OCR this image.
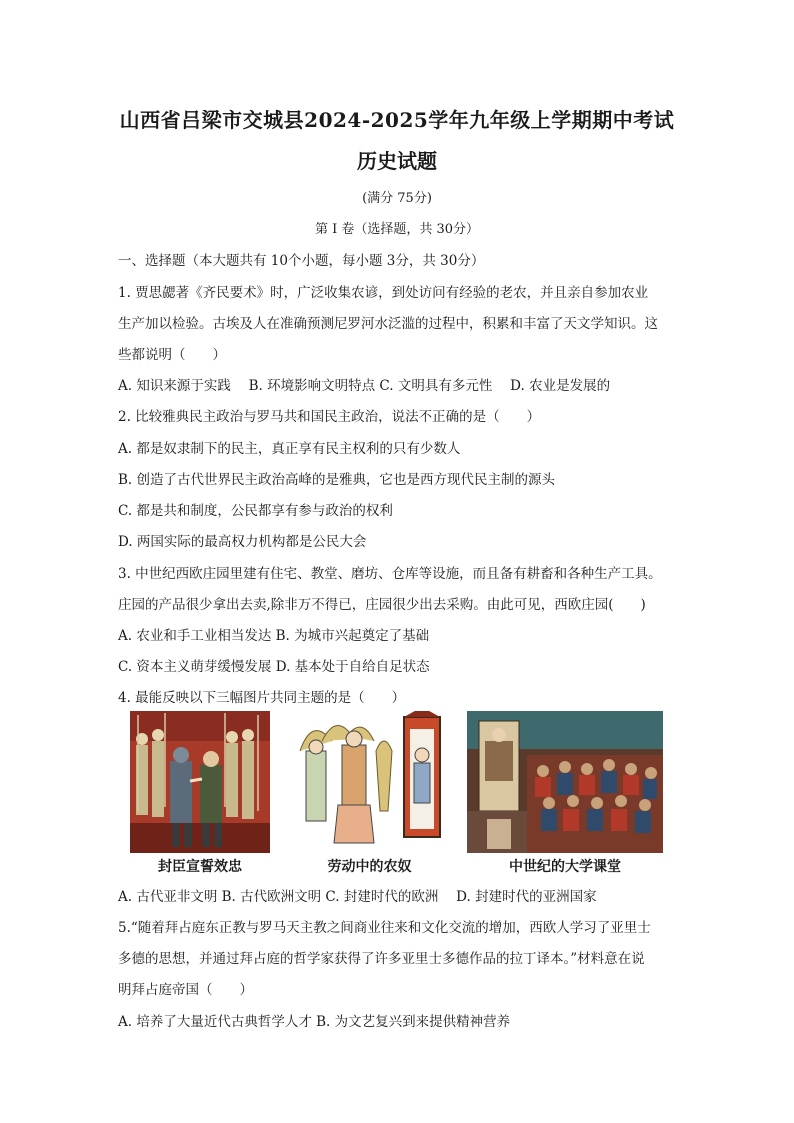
山西省吕梁市交城县2024-2025学年九年级上学期期中考试
历史试题
(满分 75分)
第 I 卷（选择题，共 30分）
一、选择题（本大题共有 10个小题，每小题 3分，共 30分）
1. 贾思勰著《齐民要术》时，广泛收集农谚，到处访问有经验的老农，并且亲自参加农业
生产加以检验。古埃及人在准确预测尼罗河水泛滥的过程中，积累和丰富了天文学知识。这
些都说明（　　）
A. 知识来源于实践　 B. 环境影响文明特点 C. 文明具有多元性　 D. 农业是发展的
2. 比较雅典民主政治与罗马共和国民主政治，说法不正确的是（　　）
A. 都是奴隶制下的民主，真正享有民主权利的只有少数人
B. 创造了古代世界民主政治高峰的是雅典，它也是西方现代民主制的源头
C. 都是共和制度，公民都享有参与政治的权利
D. 两国实际的最高权力机构都是公民大会
3. 中世纪西欧庄园里建有住宅、教堂、磨坊、仓库等设施，而且备有耕畜和各种生产工具。
庄园的产品很少拿出去卖,除非万不得已，庄园很少出去采购。由此可见，西欧庄园(　　)
A. 农业和手工业相当发达 B. 为城市兴起奠定了基础
C. 资本主义萌芽缓慢发展 D. 基本处于自给自足状态
4. 最能反映以下三幅图片共同主题的是（　　）
封臣宣誓效忠	劳动中的农奴	中世纪的大学课堂
A. 古代亚非文明 B. 古代欧洲文明 C. 封建时代的欧洲　 D. 封建时代的亚洲国家
5.“随着拜占庭东正教与罗马天主教之间商业往来和文化交流的增加，西欧人学习了亚里士
多德的思想，并通过拜占庭的哲学家获得了许多亚里士多德作品的拉丁译本。”材料意在说
明拜占庭帝国（　　）
A. 培养了大量近代古典哲学人才 B. 为文艺复兴到来提供精神营养
